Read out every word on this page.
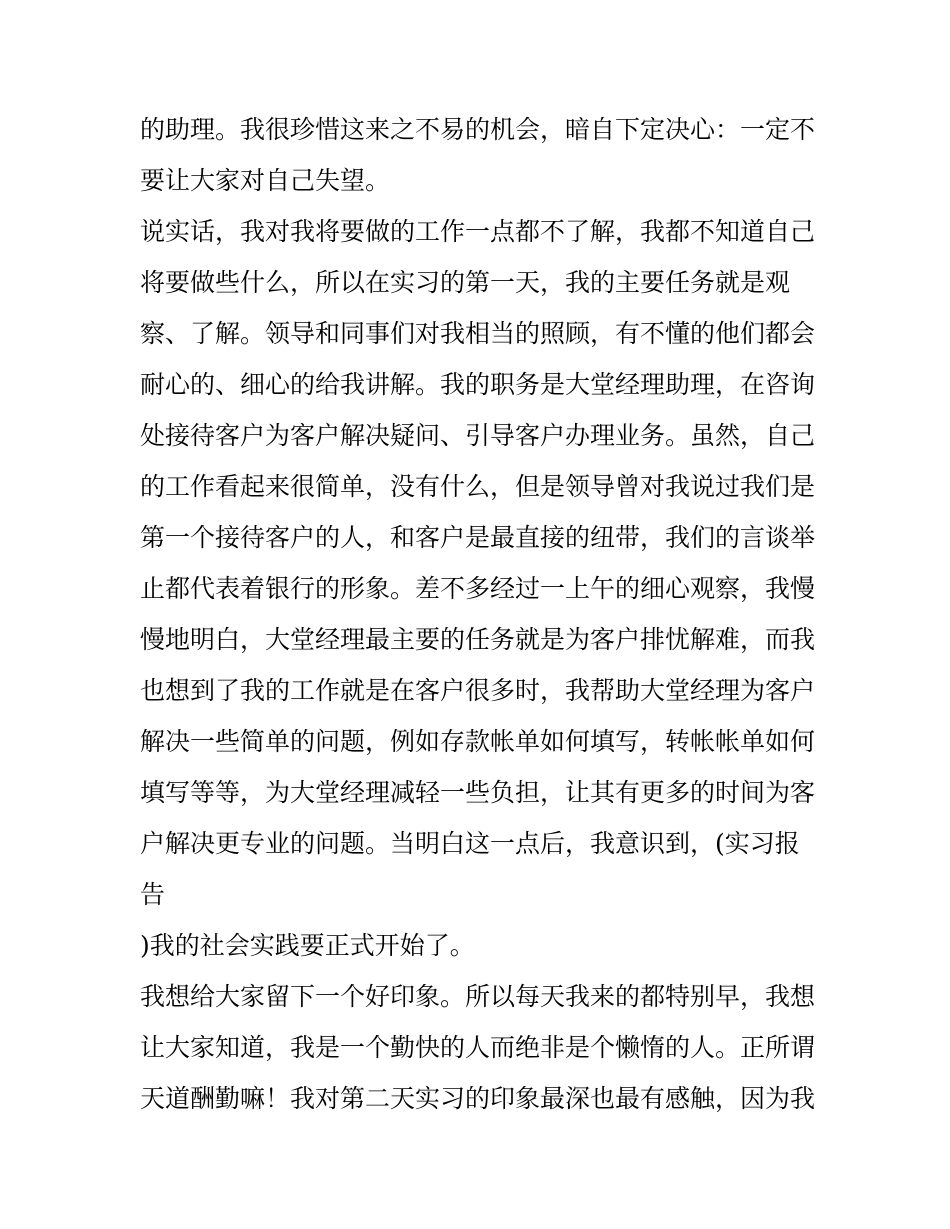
的助理。我很珍惜这来之不易的机会，暗自下定决心：一定不
要让大家对自己失望。
说实话，我对我将要做的工作一点都不了解，我都不知道自己
将要做些什么，所以在实习的第一天，我的主要任务就是观
察、了解。领导和同事们对我相当的照顾，有不懂的他们都会
耐心的、细心的给我讲解。我的职务是大堂经理助理，在咨询
处接待客户为客户解决疑问、引导客户办理业务。虽然，自己
的工作看起来很简单，没有什么，但是领导曾对我说过我们是
第一个接待客户的人，和客户是最直接的纽带，我们的言谈举
止都代表着银行的形象。差不多经过一上午的细心观察，我慢
慢地明白，大堂经理最主要的任务就是为客户排忧解难，而我
也想到了我的工作就是在客户很多时，我帮助大堂经理为客户
解决一些简单的问题，例如存款帐单如何填写，转帐帐单如何
填写等等，为大堂经理减轻一些负担，让其有更多的时间为客
户解决更专业的问题。当明白这一点后，我意识到，(实习报
告
)我的社会实践要正式开始了。
我想给大家留下一个好印象。所以每天我来的都特别早，我想
让大家知道，我是一个勤快的人而绝非是个懒惰的人。正所谓
天道酬勤嘛！我对第二天实习的印象最深也最有感触，因为我
